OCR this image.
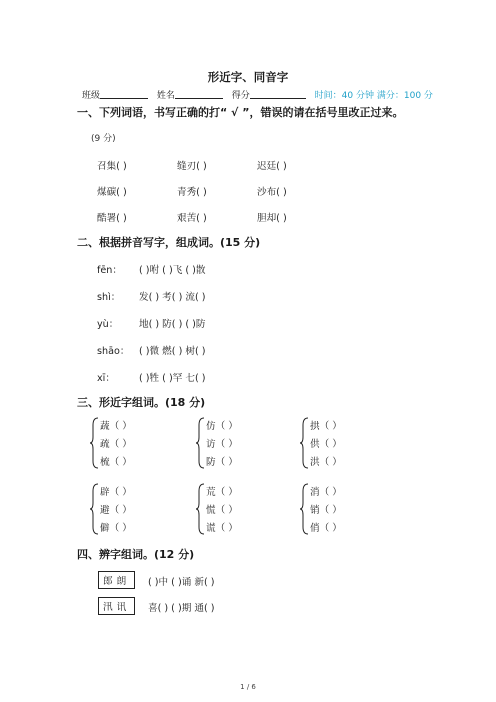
形近字、同音字
班级	姓名	得分	时间：40 分钟 满分：100 分
一、下列词语，书写正确的打“ √ ”，错误的请在括号里改正过来。
(9 分)
召集( )	缝刃( )	迟廷( )
煤碳( )	青秀( )	沙布( )
酷署( )	艰苦( )	胆却( )
二、根据拼音写字，组成词。(15 分)
fēn： ( )咐 ( )飞 ( )散
shì： 发( ) 考( ) 流( )
yù： 地( ) 防( ) ( )防
shāo： ( )微 燃( ) 树( )
xī：	( )牲 ( )罕 七( )
三、形近字组词。(18 分)
蔬（ ）
疏（ ）
梳（ ）
仿（ ）
访（ ）
防（ ）
拱（ ）
供（ ）
洪（ ）
辟（ ）
避（ ）
僻（ ）
荒（ ）
慌（ ）
谎（ ）
消（ ）
销（ ）
俏（ ）
四、辨字组词。(12 分)
郎朗	( )中 ( )诵 新( )
汛讯	喜( ) ( )期 通( )
1 / 6
